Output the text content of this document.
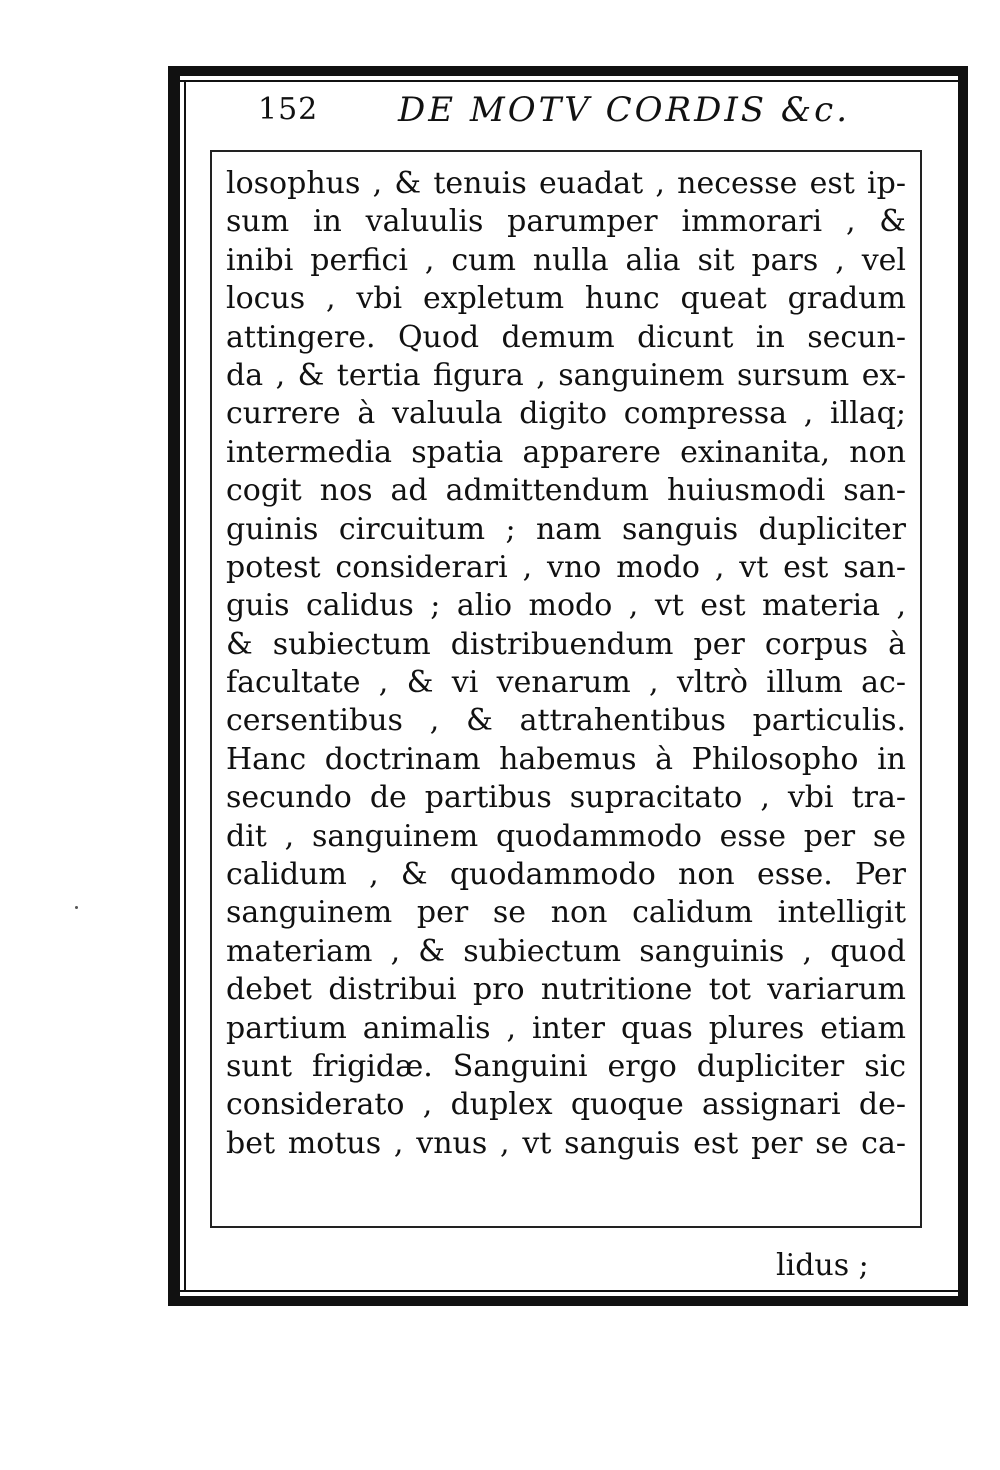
152 DE MOTV CORDIS &c.
losophus , & tenuis euadat , necesse est ip-
sum in valuulis parumper immorari , &
inibi perfici , cum nulla alia sit pars , vel
locus , vbi expletum hunc queat gradum
attingere. Quod demum dicunt in secun-
da , & tertia figura , sanguinem sursum ex-
currere à valuula digito compressa , illaq;
intermedia spatia apparere exinanita, non
cogit nos ad admittendum huiusmodi san-
guinis circuitum ; nam sanguis dupliciter
potest considerari , vno modo , vt est san-
guis calidus ; alio modo , vt est materia ,
& subiectum distribuendum per corpus à
facultate , & vi venarum , vltrò illum ac-
cersentibus , & attrahentibus particulis.
Hanc doctrinam habemus à Philosopho in
secundo de partibus supracitato , vbi tra-
dit , sanguinem quodammodo esse per se
calidum , & quodammodo non esse. Per
sanguinem per se non calidum intelligit
materiam , & subiectum sanguinis , quod
debet distribui pro nutritione tot variarum
partium animalis , inter quas plures etiam
sunt frigidæ. Sanguini ergo dupliciter sic
considerato , duplex quoque assignari de-
bet motus , vnus , vt sanguis est per se ca-
lidus ;
